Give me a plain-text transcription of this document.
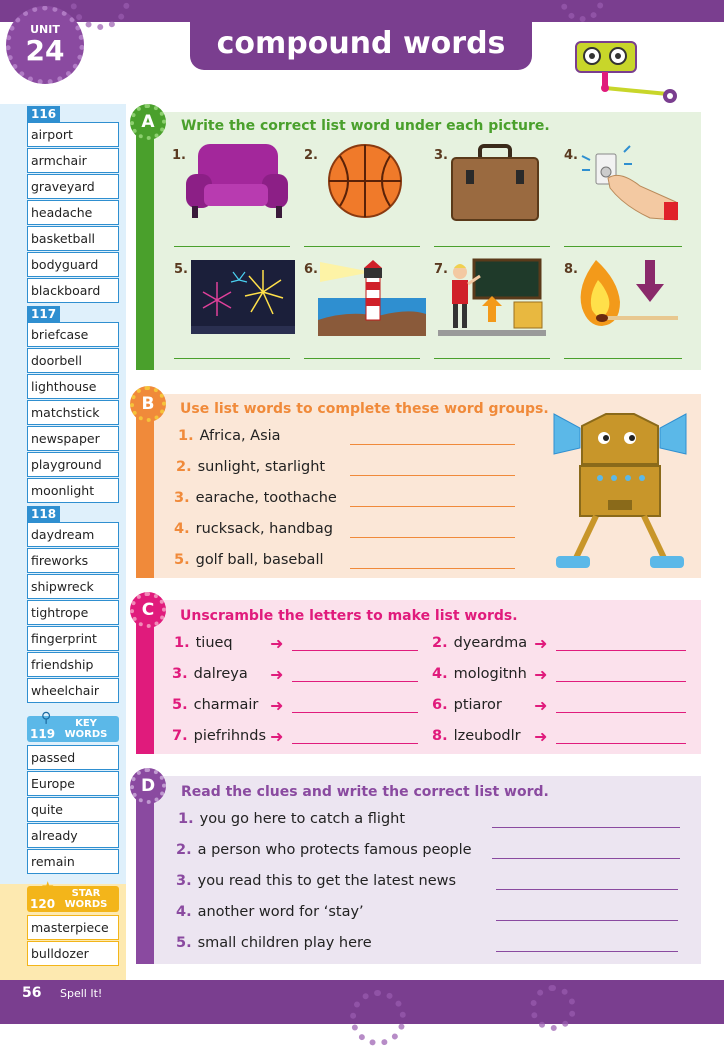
UNIT
24	compound words
116
airport
armchair
graveyard
headache
basketball
bodyguard
blackboard
117
briefcase
doorbell
lighthouse
matchstick
newspaper
playground
moonlight
118
daydream
fireworks
shipwreck
tightrope
fingerprint
friendship
wheelchair
⚲
119
KEY
WORDS
passed
Europe
quite
already
remain
★
120
STAR
WORDS
masterpiece
bulldozer
A	Write the correct list word under each picture.
1.	2.	3.	4.
5.	6.	7.	8.
B	Use list words to complete these word groups.
1. Africa, Asia
2. sunlight, starlight
3. earache, toothache
4. rucksack, handbag
5. golf ball, baseball
C	Unscramble the letters to make list words.
1. tiueq	2. dyeardma
3. dalreya	4. mologitnh
5. charmair	6. ptiaror
7. piefrihnds	8. lzeubodlr
➜	➜
➜	➜
➜	➜
➜	➜
D	Read the clues and write the correct list word.
1. you go here to catch a flight
2. a person who protects famous people
3. you read this to get the latest news
4. another word for ‘stay’
5. small children play here
56 Spell It!
